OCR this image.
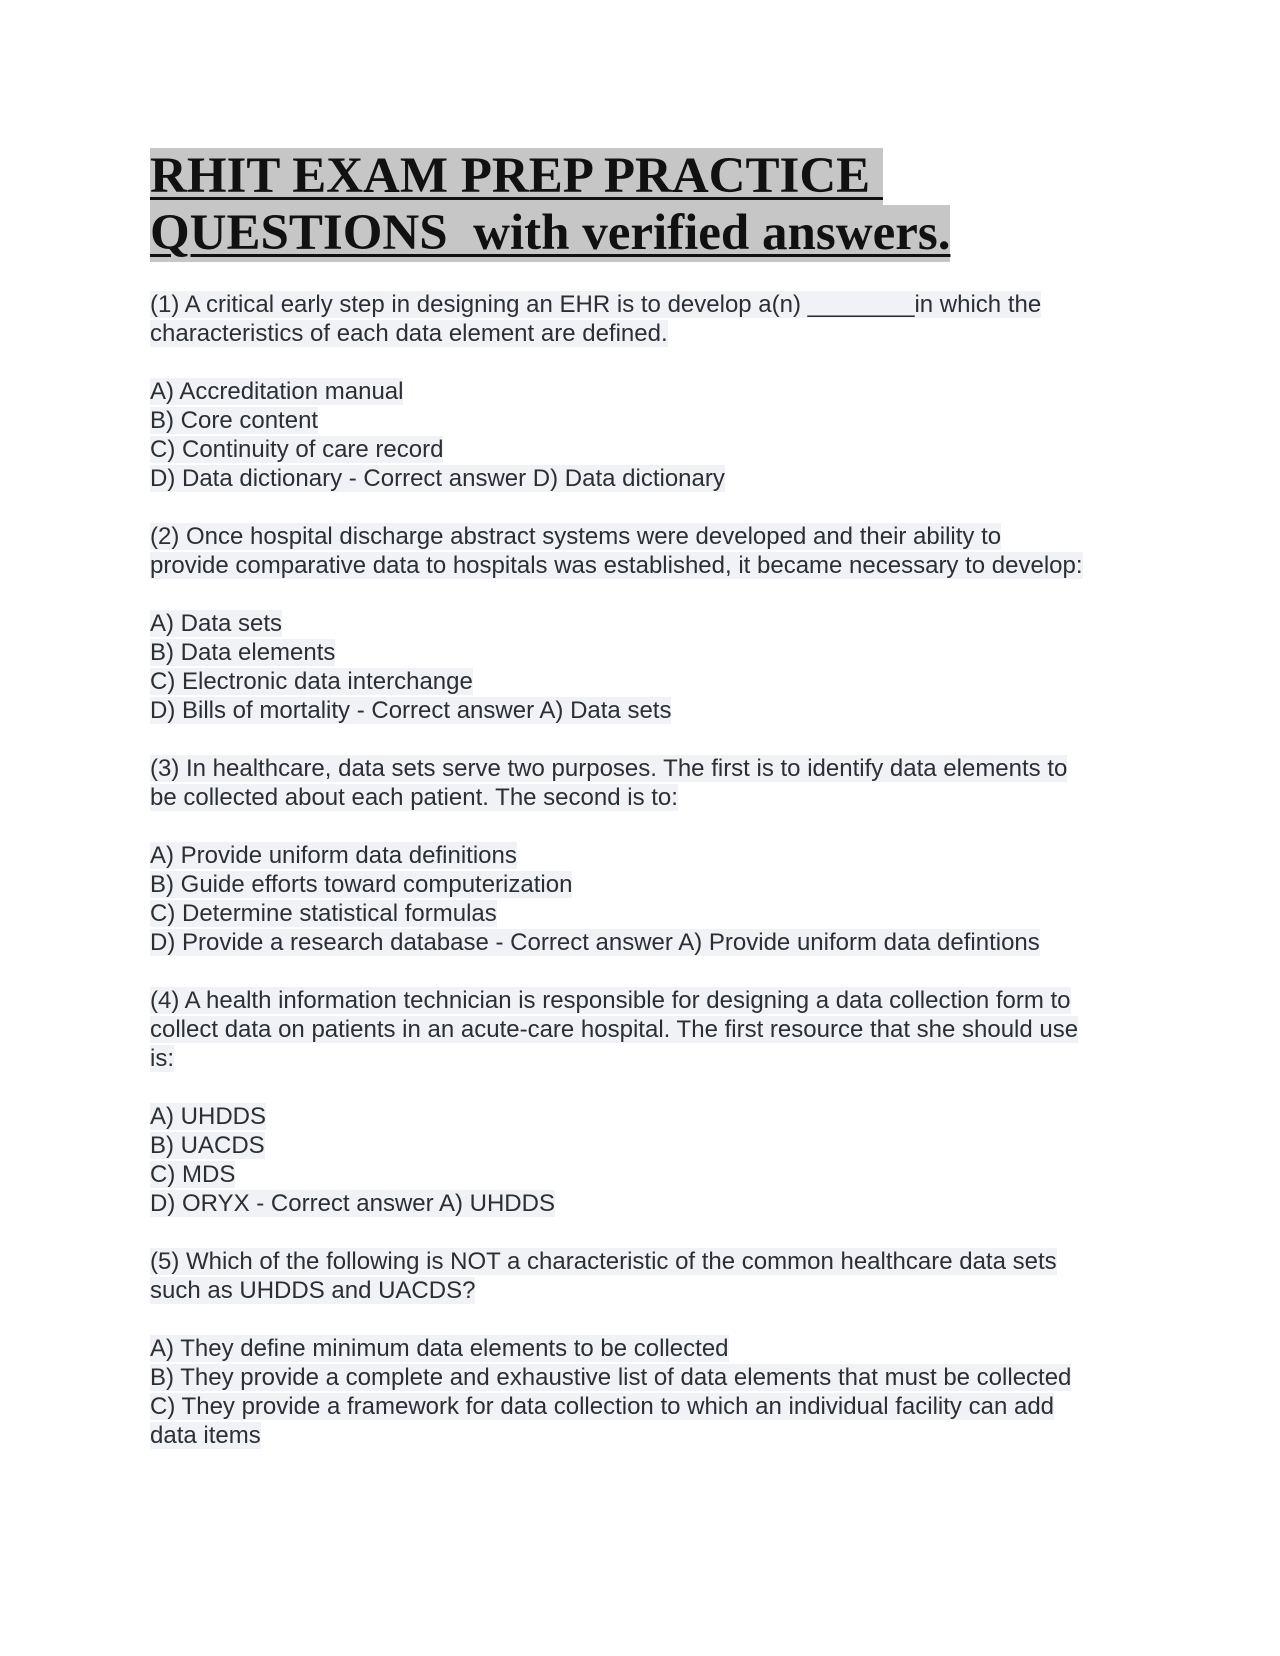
RHIT EXAM PREP PRACTICE
QUESTIONS  with verified answers.
(1) A critical early step in designing an EHR is to develop a(n) ________in which the
characteristics of each data element are defined.
A) Accreditation manual
B) Core content
C) Continuity of care record
D) Data dictionary - Correct answer D) Data dictionary
(2) Once hospital discharge abstract systems were developed and their ability to
provide comparative data to hospitals was established, it became necessary to develop:
A) Data sets
B) Data elements
C) Electronic data interchange
D) Bills of mortality - Correct answer A) Data sets
(3) In healthcare, data sets serve two purposes. The first is to identify data elements to
be collected about each patient. The second is to:
A) Provide uniform data definitions
B) Guide efforts toward computerization
C) Determine statistical formulas
D) Provide a research database - Correct answer A) Provide uniform data defintions
(4) A health information technician is responsible for designing a data collection form to
collect data on patients in an acute-care hospital. The first resource that she should use
is:
A) UHDDS
B) UACDS
C) MDS
D) ORYX - Correct answer A) UHDDS
(5) Which of the following is NOT a characteristic of the common healthcare data sets
such as UHDDS and UACDS?
A) They define minimum data elements to be collected
B) They provide a complete and exhaustive list of data elements that must be collected
C) They provide a framework for data collection to which an individual facility can add
data items
